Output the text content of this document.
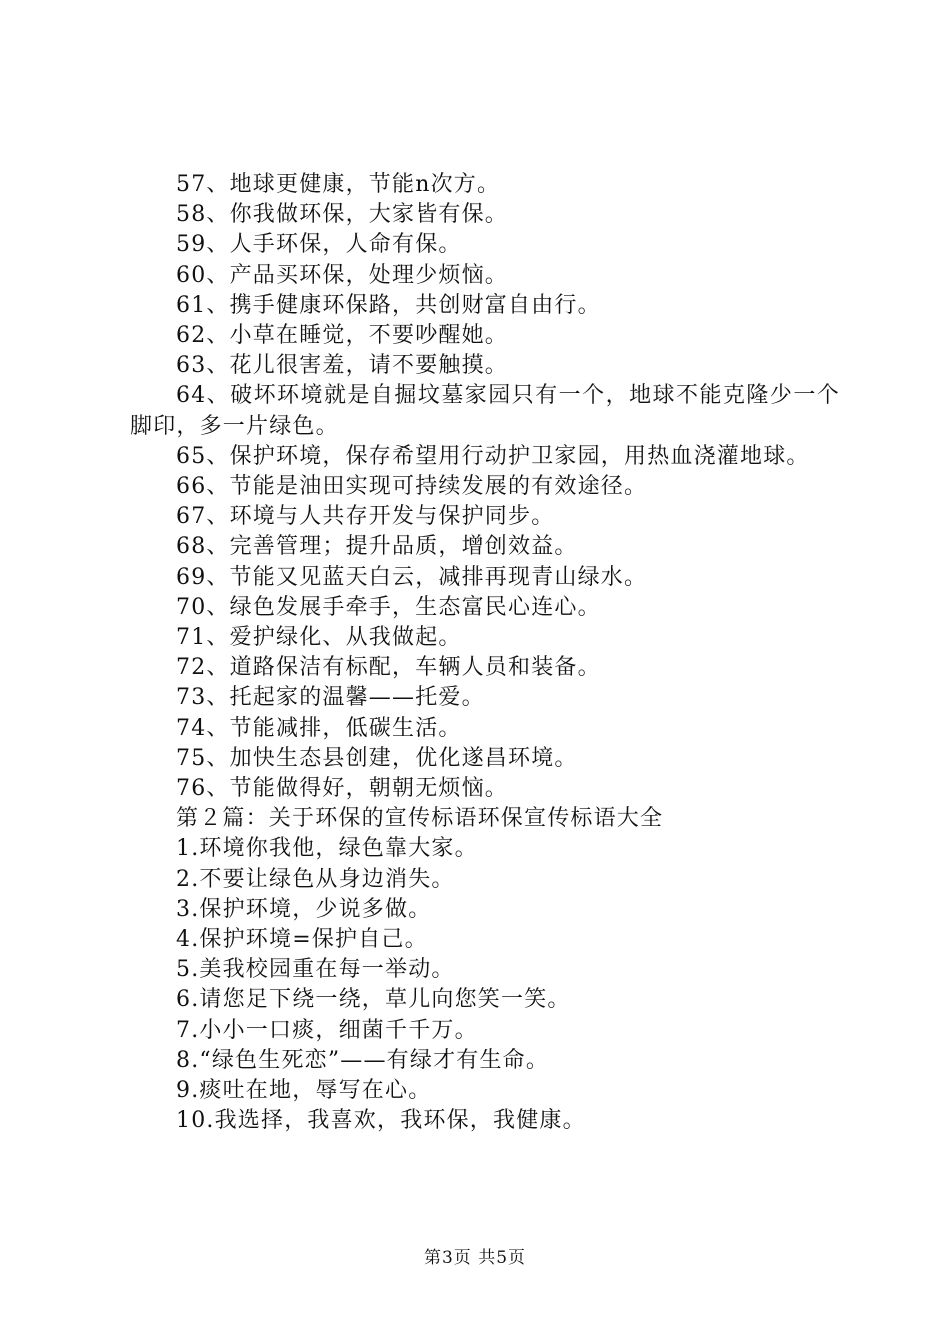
57、地球更健康，节能n次方。
58、你我做环保，大家皆有保。
59、人手环保，人命有保。
60、产品买环保，处理少烦恼。
61、携手健康环保路，共创财富自由行。
62、小草在睡觉，不要吵醒她。
63、花儿很害羞，请不要触摸。
64、破坏环境就是自掘坟墓家园只有一个，地球不能克隆少一个脚印，多一片绿色。
65、保护环境，保存希望用行动护卫家园，用热血浇灌地球。
66、节能是油田实现可持续发展的有效途径。
67、环境与人共存开发与保护同步。
68、完善管理；提升品质，增创效益。
69、节能又见蓝天白云，减排再现青山绿水。
70、绿色发展手牵手，生态富民心连心。
71、爱护绿化、从我做起。
72、道路保洁有标配，车辆人员和装备。
73、托起家的温馨——托爱。
74、节能减排，低碳生活。
75、加快生态县创建，优化遂昌环境。
76、节能做得好，朝朝无烦恼。
第２篇：关于环保的宣传标语环保宣传标语大全
1.环境你我他，绿色靠大家。
2.不要让绿色从身边消失。
3.保护环境，少说多做。
4.保护环境=保护自己。
5.美我校园重在每一举动。
6.请您足下绕一绕，草儿向您笑一笑。
7.小小一口痰，细菌千千万。
8.“绿色生死恋”——有绿才有生命。
9.痰吐在地，辱写在心。
10.我选择，我喜欢，我环保，我健康。
第3页 共5页
